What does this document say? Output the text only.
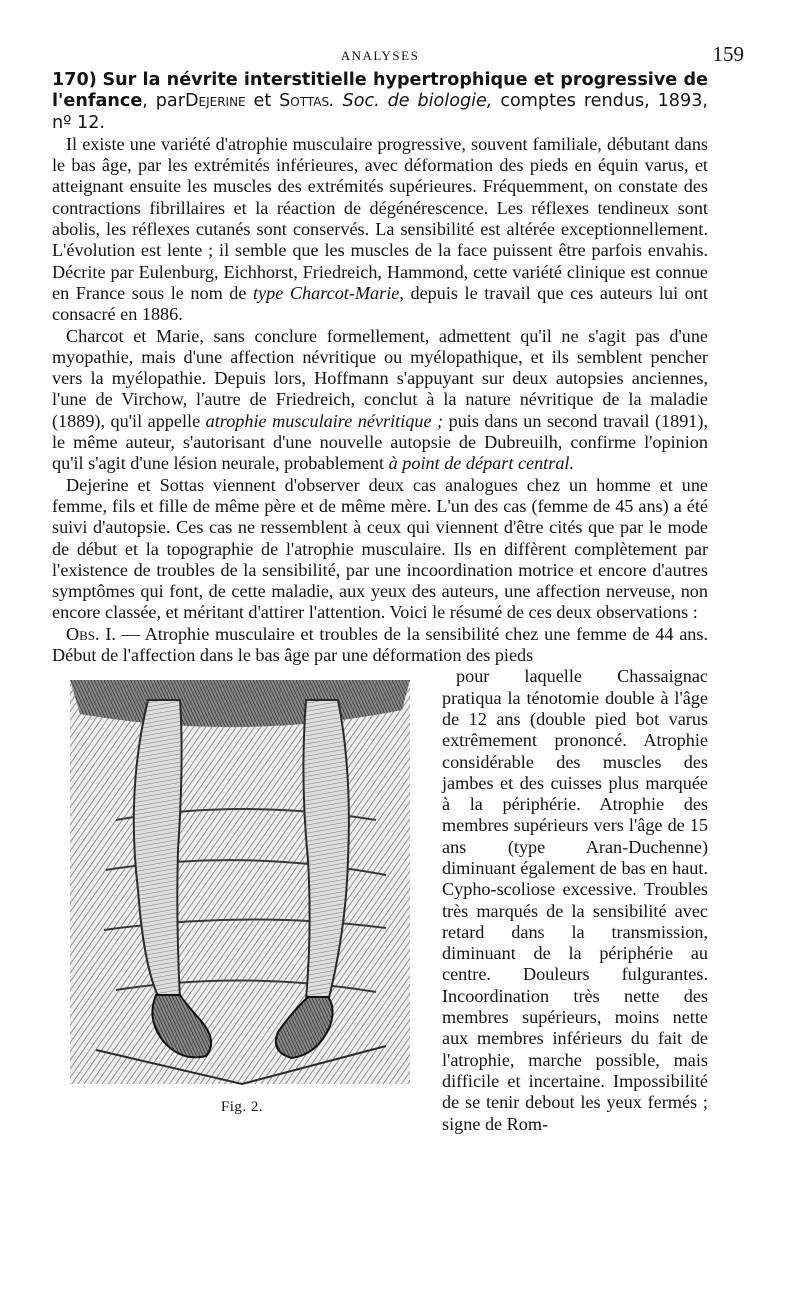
ANALYSES	159

170) Sur la névrite interstitielle hypertrophique et progressive de l'enfance, parDejerine et Sottas. Soc. de biologie, comptes rendus, 1893, nº 12.

Il existe une variété d'atrophie musculaire progressive, souvent familiale, débutant dans le bas âge, par les extrémités inférieures, avec déformation des pieds en équin varus, et atteignant ensuite les muscles des extrémités supérieures. Fréquemment, on constate des contractions fibrillaires et la réaction de dégénérescence. Les réflexes tendineux sont abolis, les réflexes cutanés sont conservés. La sensibilité est altérée exceptionnellement. L'évolution est lente ; il semble que les muscles de la face puissent être parfois envahis. Décrite par Eulenburg, Eichhorst, Friedreich, Hammond, cette variété clinique est connue en France sous le nom de type Charcot-Marie, depuis le travail que ces auteurs lui ont consacré en 1886.

Charcot et Marie, sans conclure formellement, admettent qu'il ne s'agit pas d'une myopathie, mais d'une affection névritique ou myélopathique, et ils semblent pencher vers la myélopathie. Depuis lors, Hoffmann s'appuyant sur deux autopsies anciennes, l'une de Virchow, l'autre de Friedreich, conclut à la nature névritique de la maladie (1889), qu'il appelle atrophie musculaire névritique ; puis dans un second travail (1891), le même auteur, s'autorisant d'une nouvelle autopsie de Dubreuilh, confirme l'opinion qu'il s'agit d'une lésion neurale, probablement à point de départ central.

Dejerine et Sottas viennent d'observer deux cas analogues chez un homme et une femme, fils et fille de même père et de même mère. L'un des cas (femme de 45 ans) a été suivi d'autopsie. Ces cas ne ressemblent à ceux qui viennent d'être cités que par le mode de début et la topographie de l'atrophie musculaire. Ils en diffèrent complètement par l'existence de troubles de la sensibilité, par une incoordination motrice et encore d'autres symptômes qui font, de cette maladie, aux yeux des auteurs, une affection nerveuse, non encore classée, et méritant d'attirer l'attention. Voici le résumé de ces deux observations :

Obs. I. — Atrophie musculaire et troubles de la sensibilité chez une femme de 44 ans. Début de l'affection dans le bas âge par une déformation des pieds

Fig. 2.

pour laquelle Chassaignac pratiqua la ténotomie double à l'âge de 12 ans (double pied bot varus extrêmement prononcé. Atrophie considérable des muscles des jambes et des cuisses plus marquée à la périphérie. Atrophie des membres supérieurs vers l'âge de 15 ans (type Aran-Duchenne) diminuant également de bas en haut. Cypho-scoliose excessive. Troubles très marqués de la sensibilité avec retard dans la transmission, diminuant de la périphérie au centre. Douleurs fulgurantes. Incoordination très nette des membres supérieurs, moins nette aux membres inférieurs du fait de l'atrophie, marche possible, mais difficile et incertaine. Impossibilité de se tenir debout les yeux fermés ; signe de Rom-
